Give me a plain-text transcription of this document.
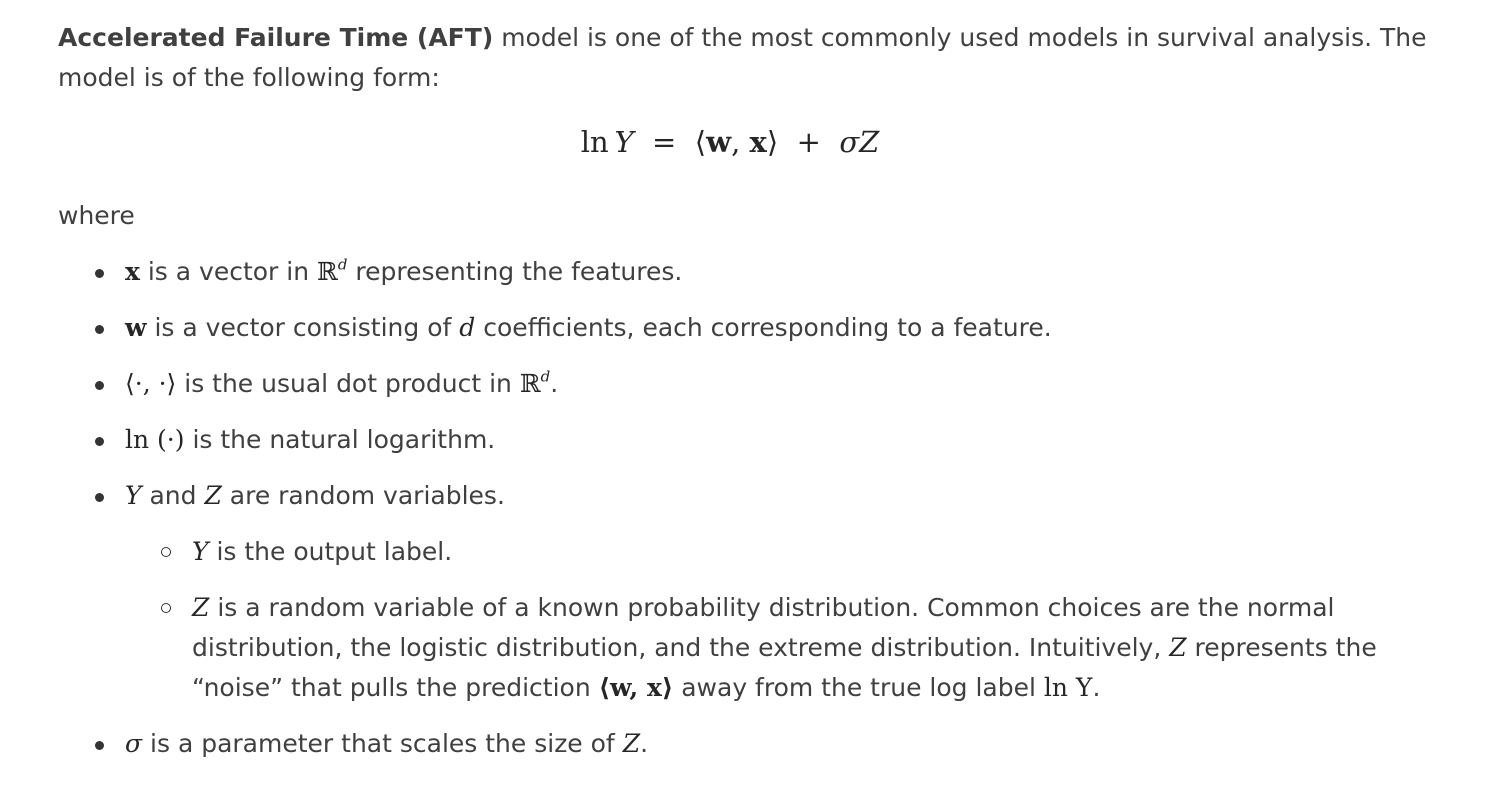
Accelerated Failure Time (AFT) model is one of the most commonly used models in survival analysis. The model is of the following form:

ln  Y  =  ⟨w, x⟩  +  σZ
where
x is a vector in ℝ$^d$ representing the features.
w is a vector consisting of d coefficients, each corresponding to a feature.
⟨·, ·⟩ is the usual dot product in ℝ$^d$.
ln (·) is the natural logarithm.
Y and Z are random variables.
Y is the output label.
Z is a random variable of a known probability distribution. Common choices are the normal distribution, the logistic distribution, and the extreme distribution. Intuitively, Z represents the “noise” that pulls the prediction ⟨w, x⟩ away from the true log label ln Y.
σ is a parameter that scales the size of Z.
